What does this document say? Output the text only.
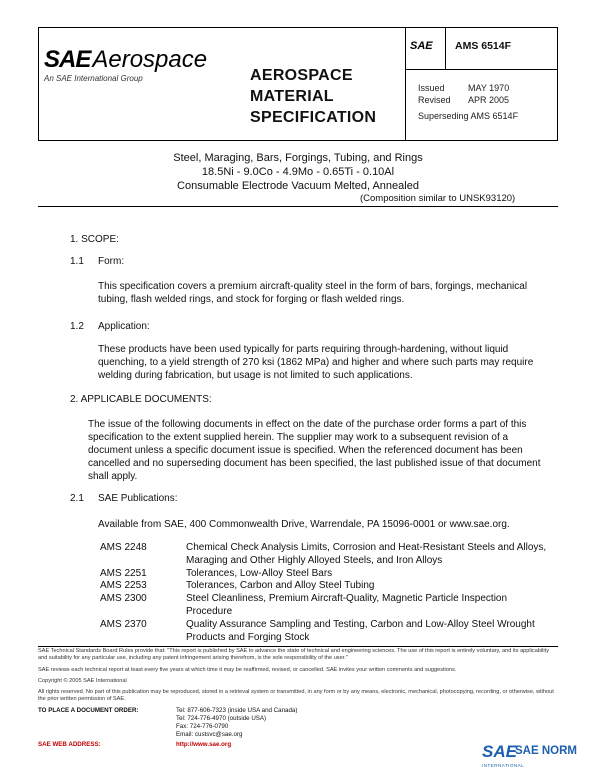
SAEAerospace
An SAE International Group	AEROSPACE MATERIAL SPECIFICATION
SAE AMS 6514F
Issued	MAY 1970
Revised APR 2005
Superseding AMS 6514F
Steel, Maraging, Bars, Forgings, Tubing, and Rings
18.5Ni - 9.0Co - 4.9Mo - 0.65Ti - 0.10Al
Consumable Electrode Vacuum Melted, Annealed
(Composition similar to UNSK93120)
1. SCOPE:
1.1 Form:
This specification covers a premium aircraft-quality steel in the form of bars, forgings, mechanical tubing, flash welded rings, and stock for forging or flash welded rings.
1.2 Application:
These products have been used typically for parts requiring through-hardening, without liquid quenching, to a yield strength of 270 ksi (1862 MPa) and higher and where such parts may require welding during fabrication, but usage is not limited to such applications.
2. APPLICABLE DOCUMENTS:
The issue of the following documents in effect on the date of the purchase order forms a part of this specification to the extent supplied herein. The supplier may work to a subsequent revision of a document unless a specific document issue is specified. When the referenced document has been cancelled and no superseding document has been specified, the last published issue of that document shall apply.
2.1 SAE Publications:
Available from SAE, 400 Commonwealth Drive, Warrendale, PA 15096-0001 or www.sae.org.
AMS 2248	Chemical Check Analysis Limits, Corrosion and Heat-Resistant Steels and Alloys, Maraging and Other Highly Alloyed Steels, and Iron Alloys
AMS 2251	Tolerances, Low-Alloy Steel Bars
AMS 2253	Tolerances, Carbon and Alloy Steel Tubing
AMS 2300	Steel Cleanliness, Premium Aircraft-Quality, Magnetic Particle Inspection Procedure
AMS 2370	Quality Assurance Sampling and Testing, Carbon and Low-Alloy Steel Wrought Products and Forging Stock
SAE Technical Standards Board Rules provide that: "This report is published by SAE to advance the state of technical and engineering sciences. The use of this report is entirely voluntary, and its applicability and suitability for any particular use, including any patent infringement arising therefrom, is the sole responsibility of the user."
SAE reviews each technical report at least every five years at which time it may be reaffirmed, revised, or cancelled. SAE invites your written comments and suggestions.
Copyright © 2005 SAE International
All rights reserved. No part of this publication may be reproduced, stored in a retrieval system or transmitted, in any form or by any means, electronic, mechanical, photocopying, recording, or otherwise, without the prior written permission of SAE.
TO PLACE A DOCUMENT ORDER:	Tel: 877-606-7323 (inside USA and Canada)
Tel: 724-776-4970 (outside USA)
Fax: 724-776-0790
Email: custsvc@sae.org
SAE WEB ADDRESS:	http://www.sae.org	SAE
SAE NORM
INTERNATIONAL
